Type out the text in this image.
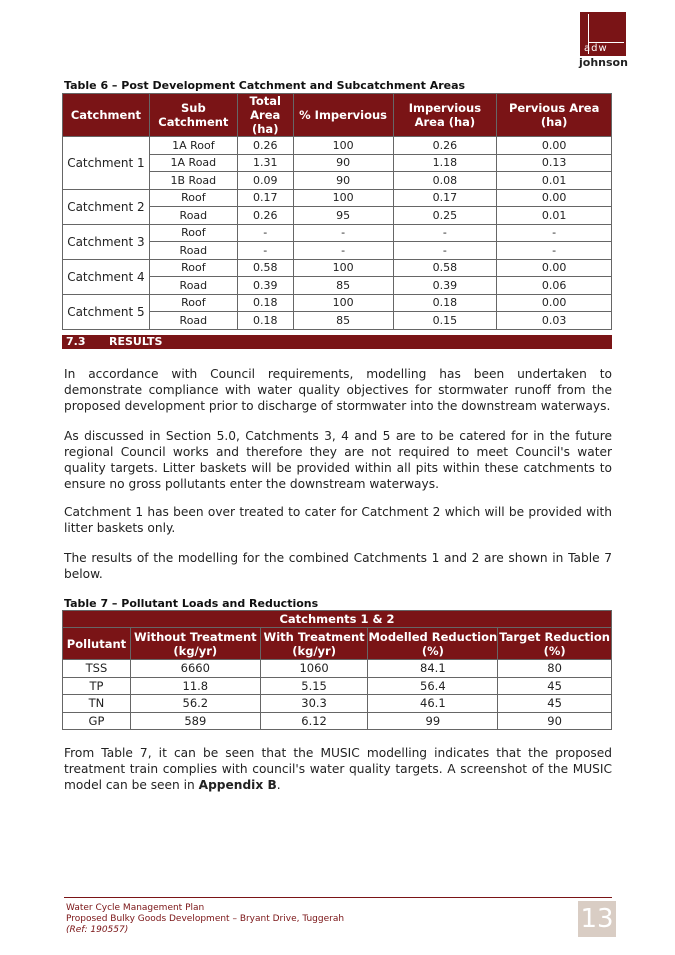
adw
johnson
Table 6 – Post Development Catchment and Subcatchment Areas
Catchment	Sub Catchment	Total Area (ha)	% Impervious	Impervious Area (ha)	Pervious Area (ha)
Catchment 1	1A Roof	0.26	100	0.26	0.00
	1A Road	1.31	90	1.18	0.13
	1B Road	0.09	90	0.08	0.01
Catchment 2	Roof	0.17	100	0.17	0.00
	Road	0.26	95	0.25	0.01
Catchment 3	Roof	-	-	-	-
	Road	-	-	-	-
Catchment 4	Roof	0.58	100	0.58	0.00
	Road	0.39	85	0.39	0.06
Catchment 5	Roof	0.18	100	0.18	0.00
	Road	0.18	85	0.15	0.03
7.3 RESULTS

In accordance with Council requirements, modelling has been undertaken to demonstrate compliance with water quality objectives for stormwater runoff from the proposed development prior to discharge of stormwater into the downstream waterways.

As discussed in Section 5.0, Catchments 3, 4 and 5 are to be catered for in the future regional Council works and therefore they are not required to meet Council's water quality targets. Litter baskets will be provided within all pits within these catchments to ensure no gross pollutants enter the downstream waterways.

Catchment 1 has been over treated to cater for Catchment 2 which will be provided with litter baskets only.

The results of the modelling for the combined Catchments 1 and 2 are shown in Table 7 below.

Table 7 – Pollutant Loads and Reductions
Catchments 1 & 2				
Pollutant	Without Treatment (kg/yr)	With Treatment (kg/yr)	Modelled Reduction (%)	Target Reduction (%)
TSS	6660	1060	84.1	80
TP	11.8	5.15	56.4	45
TN	56.2	30.3	46.1	45
GP	589	6.12	99	90

From Table 7, it can be seen that the MUSIC modelling indicates that the proposed treatment train complies with council's water quality targets. A screenshot of the MUSIC model can be seen in Appendix B.

Water Cycle Management Plan
Proposed Bulky Goods Development – Bryant Drive, Tuggerah
(Ref: 190557)	13
